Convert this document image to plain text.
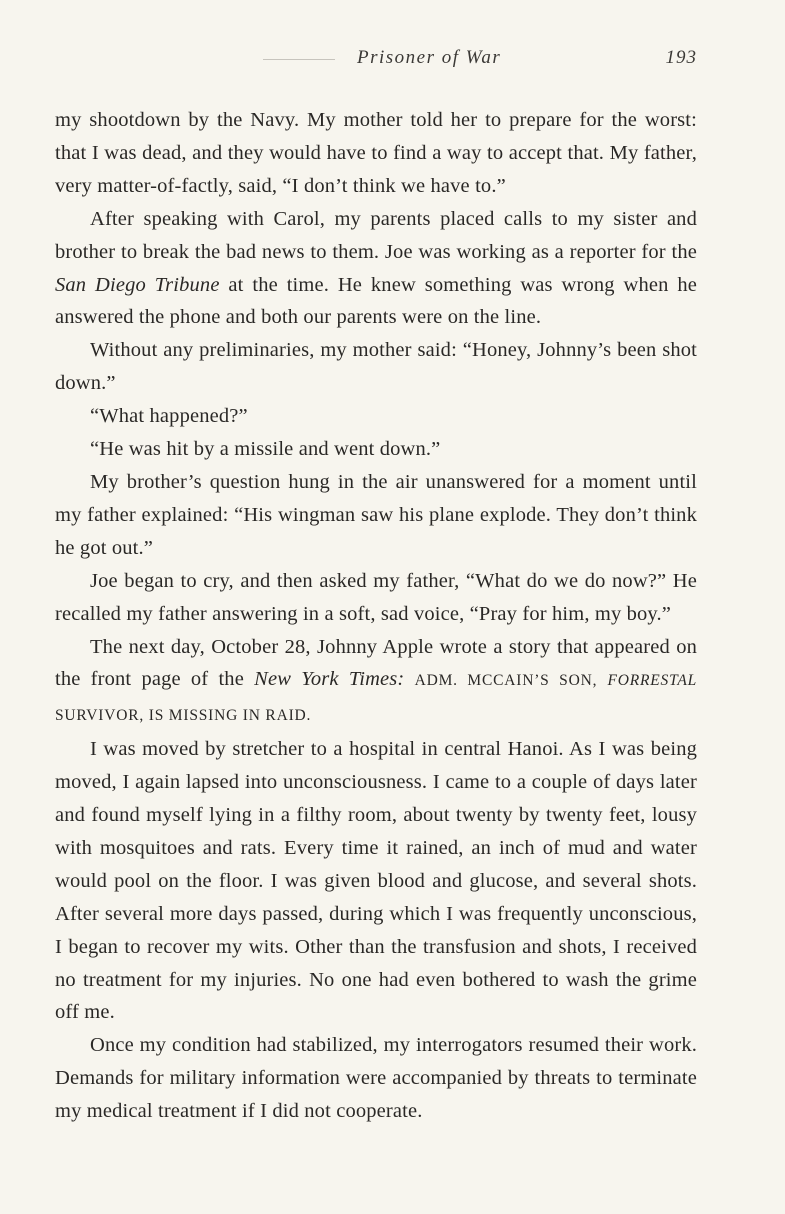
Prisoner of War	193

my shootdown by the Navy. My mother told her to prepare for the worst: that I was dead, and they would have to find a way to accept that. My father, very matter-of-factly, said, “I don’t think we have to.”

After speaking with Carol, my parents placed calls to my sister and brother to break the bad news to them. Joe was working as a reporter for the San Diego Tribune at the time. He knew something was wrong when he answered the phone and both our parents were on the line.

Without any preliminaries, my mother said: “Honey, Johnny’s been shot down.”

“What happened?”

“He was hit by a missile and went down.”

My brother’s question hung in the air unanswered for a moment until my father explained: “His wingman saw his plane explode. They don’t think he got out.”

Joe began to cry, and then asked my father, “What do we do now?” He recalled my father answering in a soft, sad voice, “Pray for him, my boy.”

The next day, October 28, Johnny Apple wrote a story that appeared on the front page of the New York Times: ADM. MCCAIN’S SON, FORRESTAL SURVIVOR, IS MISSING IN RAID.

I was moved by stretcher to a hospital in central Hanoi. As I was being moved, I again lapsed into unconsciousness. I came to a couple of days later and found myself lying in a filthy room, about twenty by twenty feet, lousy with mosquitoes and rats. Every time it rained, an inch of mud and water would pool on the floor. I was given blood and glucose, and several shots. After several more days passed, during which I was frequently unconscious, I began to recover my wits. Other than the transfusion and shots, I received no treatment for my injuries. No one had even bothered to wash the grime off me.

Once my condition had stabilized, my interrogators resumed their work. Demands for military information were accompanied by threats to terminate my medical treatment if I did not cooperate.
